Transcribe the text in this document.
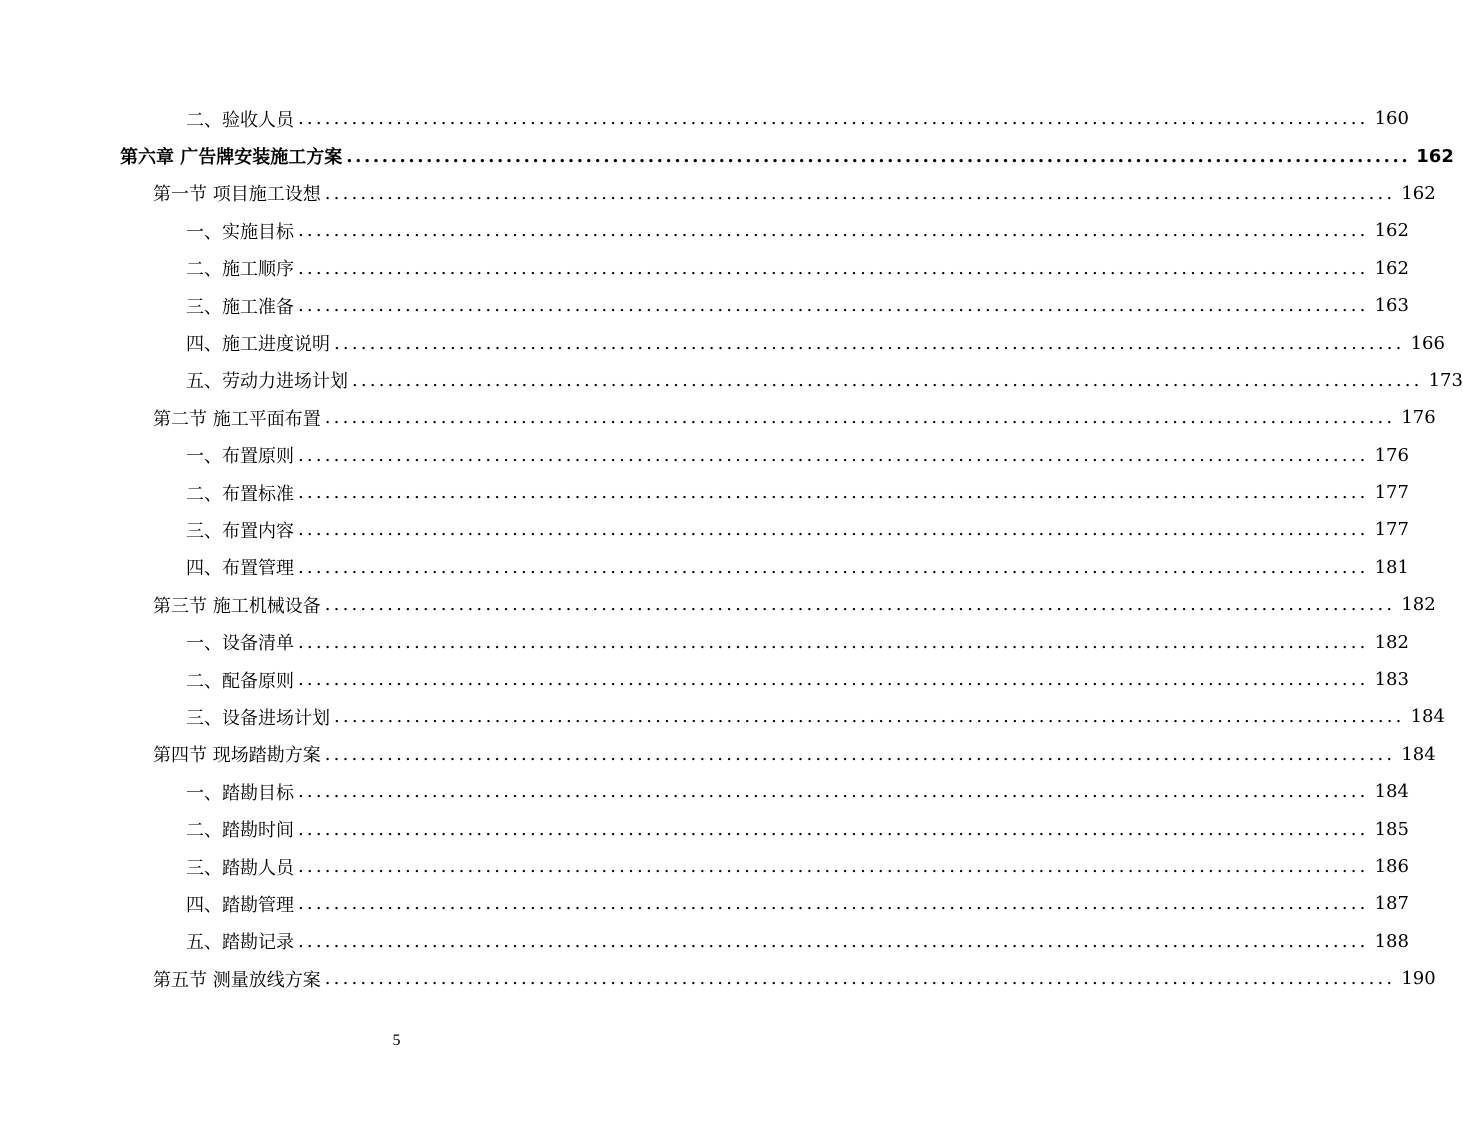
二、验收人员 ........................................................................................................................ 160
第六章 广告牌安装施工方案 ........................................................................................................................ 162
第一节 项目施工设想 ........................................................................................................................ 162
一、实施目标 ........................................................................................................................ 162
二、施工顺序 ........................................................................................................................ 162
三、施工准备 ........................................................................................................................ 163
四、施工进度说明 ........................................................................................................................ 166
五、劳动力进场计划 ........................................................................................................................ 173
第二节 施工平面布置 ........................................................................................................................ 176
一、布置原则 ........................................................................................................................ 176
二、布置标准 ........................................................................................................................ 177
三、布置内容 ........................................................................................................................ 177
四、布置管理 ........................................................................................................................ 181
第三节 施工机械设备 ........................................................................................................................ 182
一、设备清单 ........................................................................................................................ 182
二、配备原则 ........................................................................................................................ 183
三、设备进场计划 ........................................................................................................................ 184
第四节 现场踏勘方案 ........................................................................................................................ 184
一、踏勘目标 ........................................................................................................................ 184
二、踏勘时间 ........................................................................................................................ 185
三、踏勘人员 ........................................................................................................................ 186
四、踏勘管理 ........................................................................................................................ 187
五、踏勘记录 ........................................................................................................................ 188
第五节 测量放线方案 ........................................................................................................................ 190
5
